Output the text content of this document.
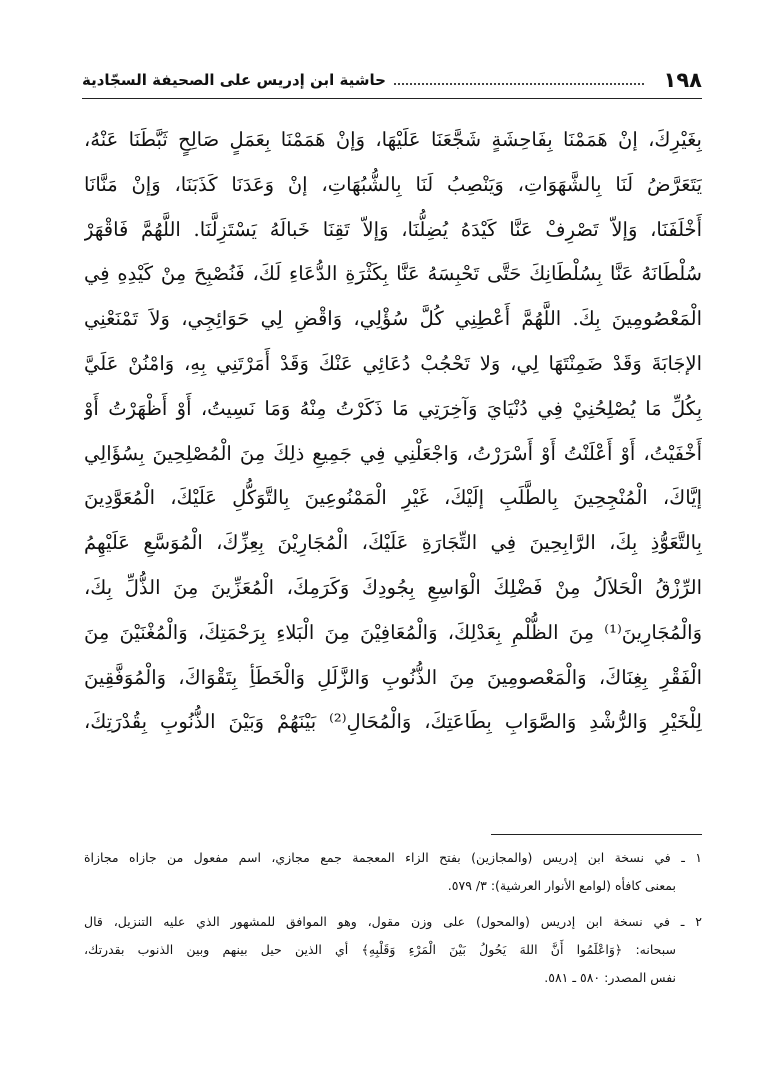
١٩٨
حاشية ابن إدريس على الصحيفة السجّادية
بِغَيْرِكَ، إنْ هَمَمْنَا بِفَاحِشَةٍ شَجَّعَنَا عَلَيْهَا، وَإنْ هَمَمْنَا بِعَمَلٍ صَالِحٍ ثَبَّطَنَا عَنْهُ،
يَتَعَرَّضُ لَنَا بِالشَّهَوَاتِ، وَيَنْصِبُ لَنَا بِالشُّبُهَاتِ، إنْ وَعَدَنَا كَذَبَنَا، وَإنْ مَنَّانَا
أَخْلَفَنَا، وَإلاّ تَصْرِفْ عَنَّا كَيْدَهُ يُضِلُّنَا، وَإلاّ تَقِنَا خَبالَهُ يَسْتَزِلَّنَا. اللَّهُمَّ فَاقْهَرْ
سُلْطَانَهُ عَنَّا بِسُلْطَانِكَ حَتَّى تَحْبِسَهُ عَنَّا بِكَثْرَةِ الدُّعَاءِ لَكَ، فَنُصْبِحَ مِنْ كَيْدِهِ فِي
الْمَعْصُومِينَ بِكَ. اللَّهُمَّ أَعْطِنِي كُلَّ سُؤْلِي، وَاقْضِ لِي حَوَائِجِي، وَلاَ تَمْنَعْنِي
الإجَابَةَ وَقَدْ ضَمِنْتَهَا لِي، وَلا تَحْجُبْ دُعَائِي عَنْكَ وَقَدْ أَمَرْتَنِي بِهِ، وَامْنُنْ عَلَيَّ
بِكُلِّ مَا يُصْلِحُنِيْ فِي دُنْيَايَ وَآخِرَتِي مَا ذَكَرْتُ مِنْهُ وَمَا نَسِيتُ، أَوْ أَظْهَرْتُ أَوْ
أَخْفَيْتُ، أَوْ أَعْلَنْتُ أَوْ أَسْرَرْتُ، وَاجْعَلْنِي فِي جَمِيعِ ذلِكَ مِنَ الْمُصْلِحِينَ بِسُؤَالِي
إيَّاكَ، الْمُنْجِحِينَ بِالطَّلَبِ إلَيْكَ، غَيْرِ الْمَمْنُوعِينَ بِالتَّوَكُّلِ عَلَيْكَ، الْمُعَوَّدِينَ
بِالتَّعَوُّذِ بِكَ، الرَّابِحِينَ فِي التِّجَارَةِ عَلَيْكَ، الْمُجَارِيْنَ بِعِزِّكَ، الْمُوَسَّعِ عَلَيْهِمُ
الرِّزْقُ الْحَلاَلُ مِنْ فَضْلِكَ الْوَاسِعِ بِجُودِكَ وَكَرَمِكَ، الْمُعَزِّينَ مِنَ الذُّلِّ بِكَ،
وَالْمُجَارِينَ⁽¹⁾ مِنَ الظُّلْمِ بِعَدْلِكَ، وَالْمُعَافِيْنَ مِنَ الْبَلاءِ بِرَحْمَتِكَ، وَالْمُغْنَيْنَ مِنَ
الْفَقْرِ بِغِنَاكَ، وَالْمَعْصومِينَ مِنَ الذُّنُوبِ وَالزَّلَلِ وَالْخَطَأِ بِتَقْوَاكَ، وَالْمُوَفَّقِينَ
لِلْخَيْرِ وَالرُّشْدِ وَالصَّوَابِ بِطَاعَتِكَ، وَالْمُحَالِ⁽²⁾ بَيْنَهُمْ وَبَيْنَ الذُّنُوبِ بِقُدْرَتِكَ،
١ ـ في نسخة ابن إدريس (والمجازين) بفتح الزاء المعجمة جمع مجازي، اسم مفعول من جازاه مجازاة
بمعنى كافأه (لوامع الأنوار العرشية): ٣/ ٥٧٩.
٢ ـ في نسخة ابن إدريس (والمحول) على وزن مقول، وهو الموافق للمشهور الذي عليه التنزيل، قال
سبحانه: ﴿وَاعْلَمُوا أَنَّ اللهَ يَحُولُ بَيْنَ الْمَرْءِ وَقَلْبِهِ﴾ أي الذين حيل بينهم وبين الذنوب بقدرتك،
نفس المصدر: ٥٨٠ ـ ٥٨١.
